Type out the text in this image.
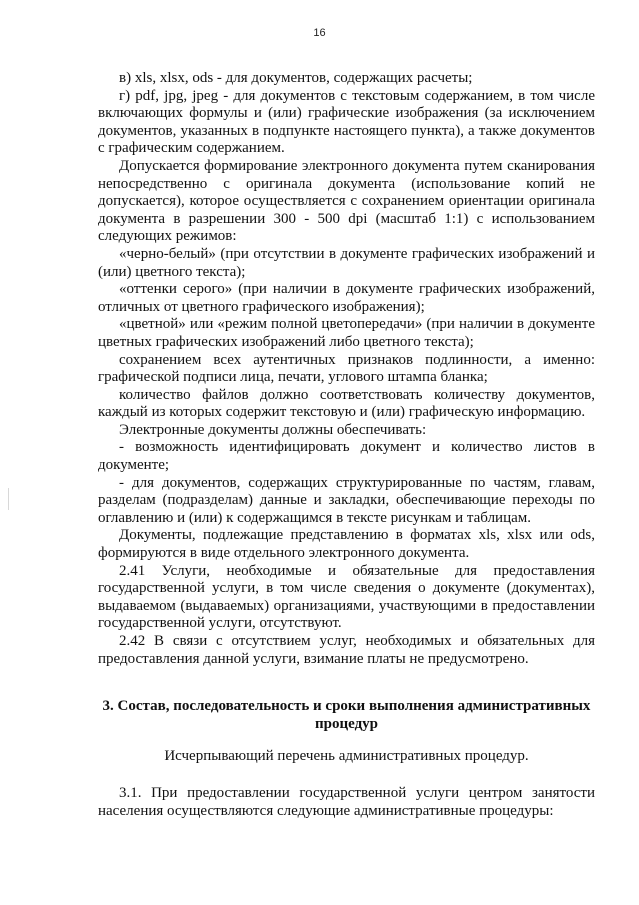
16

в) xls, xlsx, ods - для документов, содержащих расчеты;

г) pdf, jpg, jpeg - для документов с текстовым содержанием, в том числе включающих формулы и (или) графические изображения (за исключением документов, указанных в подпункте настоящего пункта), а также документов с графическим содержанием.

Допускается формирование электронного документа путем сканирования непосредственно с оригинала документа (использование копий не допускается), которое осуществляется с сохранением ориентации оригинала документа в разрешении 300 - 500 dpi (масштаб 1:1) с использованием следующих режимов:

«черно-белый» (при отсутствии в документе графических изображений и (или) цветного текста);

«оттенки серого» (при наличии в документе графических изображений, отличных от цветного графического изображения);

«цветной» или «режим полной цветопередачи» (при наличии в документе цветных графических изображений либо цветного текста);

сохранением всех аутентичных признаков подлинности, а именно: графической подписи лица, печати, углового штампа бланка;

количество файлов должно соответствовать количеству документов, каждый из которых содержит текстовую и (или) графическую информацию.

Электронные документы должны обеспечивать:

- возможность идентифицировать документ и количество листов в документе;

- для документов, содержащих структурированные по частям, главам, разделам (подразделам) данные и закладки, обеспечивающие переходы по оглавлению и (или) к содержащимся в тексте рисункам и таблицам.

Документы, подлежащие представлению в форматах xls, xlsx или ods, формируются в виде отдельного электронного документа.

2.41 Услуги, необходимые и обязательные для предоставления государственной услуги, в том числе сведения о документе (документах), выдаваемом (выдаваемых) организациями, участвующими в предоставлении государственной услуги, отсутствуют.

2.42 В связи с отсутствием услуг, необходимых и обязательных для предоставления данной услуги, взимание платы не предусмотрено.

3. Состав, последовательность и сроки выполнения административных процедур
Исчерпывающий перечень административных процедур.

3.1. При предоставлении государственной услуги центром занятости населения осуществляются следующие административные процедуры:
